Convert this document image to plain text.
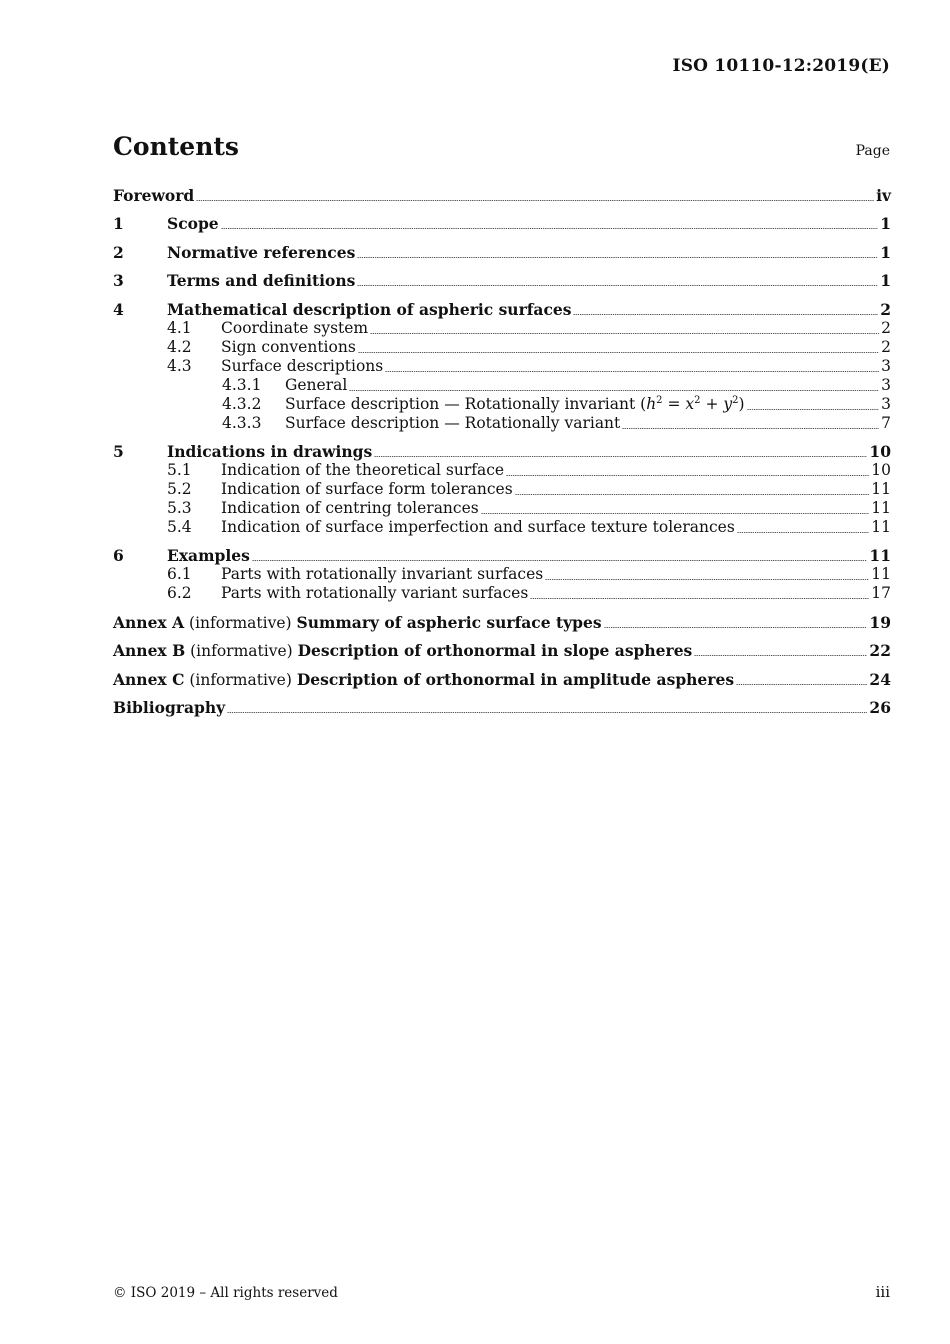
ISO 10110-12:2019(E)
Contents	Page
Foreword	iv
1	Scope	1
2	Normative references	1
3	Terms and definitions	1
4	Mathematical description of aspheric surfaces	2
4.1	Coordinate system	2
4.2	Sign conventions	2
4.3	Surface descriptions	3
4.3.1	General	3
4.3.2	Surface description — Rotationally invariant $(h^2 = x^2 + y^2)$	3
4.3.3	Surface description — Rotationally variant	7
5	Indications in drawings	10
5.1	Indication of the theoretical surface	10
5.2	Indication of surface form tolerances	11
5.3	Indication of centring tolerances	11
5.4	Indication of surface imperfection and surface texture tolerances	11
6	Examples	11
6.1	Parts with rotationally invariant surfaces	11
6.2	Parts with rotationally variant surfaces	17
Annex A (informative) Summary of aspheric surface types	19
Annex B (informative) Description of orthonormal in slope aspheres	22
Annex C (informative) Description of orthonormal in amplitude aspheres	24
Bibliography	26
© ISO 2019 – All rights reserved	iii
